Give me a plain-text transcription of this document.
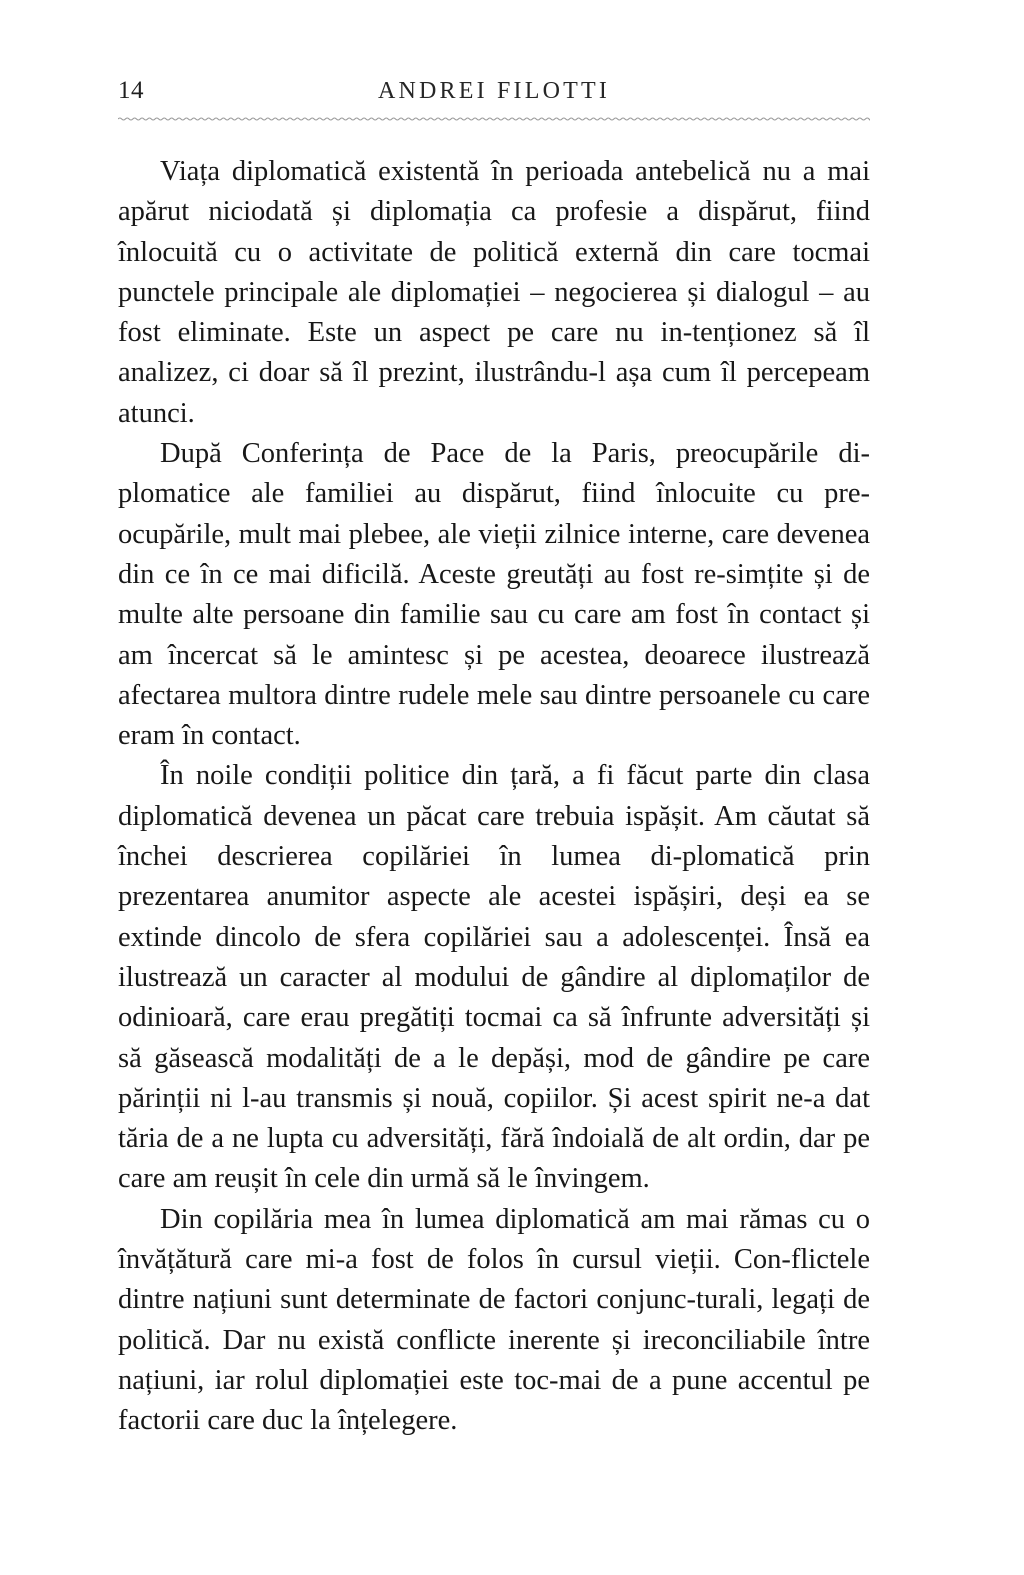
14	ANDREI FILOTTI

Viața diplomatică existentă în perioada antebelică nu a mai apărut niciodată și diplomația ca profesie a dispărut, fiind înlocuită cu o activitate de politică externă din care tocmai punctele principale ale diplomației – negocierea și dialogul – au fost eliminate. Este un aspect pe care nu in-tenționez să îl analizez, ci doar să îl prezint, ilustrându-l așa cum îl percepeam atunci.

După Conferința de Pace de la Paris, preocupările di-plomatice ale familiei au dispărut, fiind înlocuite cu pre-ocupările, mult mai plebee, ale vieții zilnice interne, care devenea din ce în ce mai dificilă. Aceste greutăți au fost re-simțite și de multe alte persoane din familie sau cu care am fost în contact și am încercat să le amintesc și pe acestea, deoarece ilustrează afectarea multora dintre rudele mele sau dintre persoanele cu care eram în contact.

În noile condiții politice din țară, a fi făcut parte din clasa diplomatică devenea un păcat care trebuia ispășit. Am căutat să închei descrierea copilăriei în lumea di-plomatică prin prezentarea anumitor aspecte ale acestei ispășiri, deși ea se extinde dincolo de sfera copilăriei sau a adolescenței. Însă ea ilustrează un caracter al modului de gândire al diplomaților de odinioară, care erau pregătiți tocmai ca să înfrunte adversități și să găsească modalități de a le depăși, mod de gândire pe care părinții ni l-au transmis și nouă, copiilor. Și acest spirit ne-a dat tăria de a ne lupta cu adversități, fără îndoială de alt ordin, dar pe care am reușit în cele din urmă să le învingem.

Din copilăria mea în lumea diplomatică am mai rămas cu o învățătură care mi-a fost de folos în cursul vieții. Con-flictele dintre națiuni sunt determinate de factori conjunc-turali, legați de politică. Dar nu există conflicte inerente și ireconciliabile între națiuni, iar rolul diplomației este toc-mai de a pune accentul pe factorii care duc la înțelegere.
